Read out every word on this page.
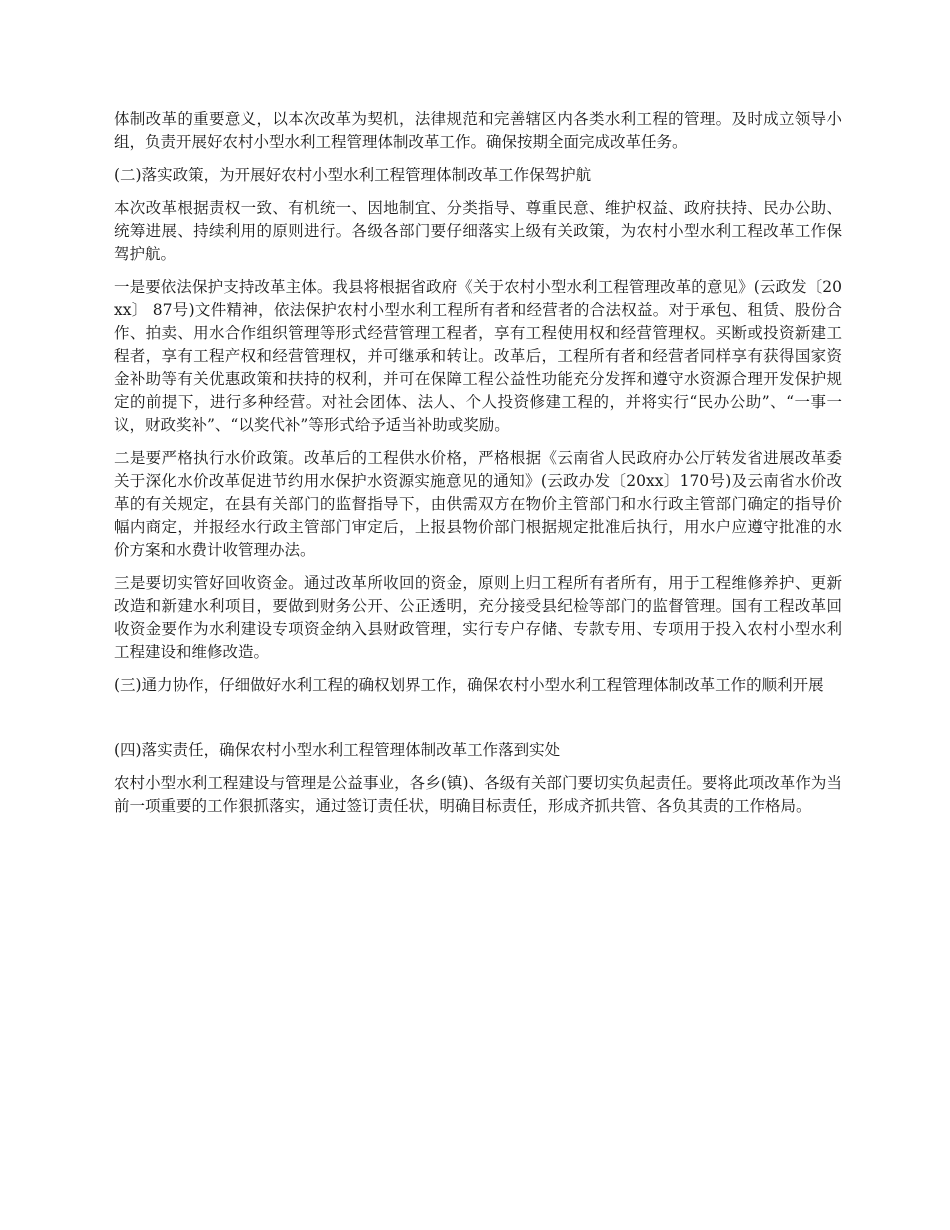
体制改革的重要意义，以本次改革为契机，法律规范和完善辖区内各类水利工程的管理。及时成立领导小组，负责开展好农村小型水利工程管理体制改革工作。确保按期全面完成改革任务。

(二)落实政策，为开展好农村小型水利工程管理体制改革工作保驾护航

本次改革根据责权一致、有机统一、因地制宜、分类指导、尊重民意、维护权益、政府扶持、民办公助、统筹进展、持续利用的原则进行。各级各部门要仔细落实上级有关政策，为农村小型水利工程改革工作保驾护航。

一是要依法保护支持改革主体。我县将根据省政府《关于农村小型水利工程管理改革的意见》(云政发〔20xx〕 87号)文件精神，依法保护农村小型水利工程所有者和经营者的合法权益。对于承包、租赁、股份合作、拍卖、用水合作组织管理等形式经营管理工程者，享有工程使用权和经营管理权。买断或投资新建工程者，享有工程产权和经营管理权，并可继承和转让。改革后，工程所有者和经营者同样享有获得国家资金补助等有关优惠政策和扶持的权利，并可在保障工程公益性功能充分发挥和遵守水资源合理开发保护规定的前提下，进行多种经营。对社会团体、法人、个人投资修建工程的，并将实行“民办公助”、“一事一议，财政奖补”、“以奖代补”等形式给予适当补助或奖励。

二是要严格执行水价政策。改革后的工程供水价格，严格根据《云南省人民政府办公厅转发省进展改革委关于深化水价改革促进节约用水保护水资源实施意见的通知》(云政办发〔20xx〕170号)及云南省水价改革的有关规定，在县有关部门的监督指导下，由供需双方在物价主管部门和水行政主管部门确定的指导价幅内商定，并报经水行政主管部门审定后，上报县物价部门根据规定批准后执行，用水户应遵守批准的水价方案和水费计收管理办法。

三是要切实管好回收资金。通过改革所收回的资金，原则上归工程所有者所有，用于工程维修养护、更新改造和新建水利项目，要做到财务公开、公正透明，充分接受县纪检等部门的监督管理。国有工程改革回收资金要作为水利建设专项资金纳入县财政管理，实行专户存储、专款专用、专项用于投入农村小型水利工程建设和维修改造。

(三)通力协作，仔细做好水利工程的确权划界工作，确保农村小型水利工程管理体制改革工作的顺利开展

(四)落实责任，确保农村小型水利工程管理体制改革工作落到实处

农村小型水利工程建设与管理是公益事业，各乡(镇)、各级有关部门要切实负起责任。要将此项改革作为当前一项重要的工作狠抓落实，通过签订责任状，明确目标责任，形成齐抓共管、各负其责的工作格局。
